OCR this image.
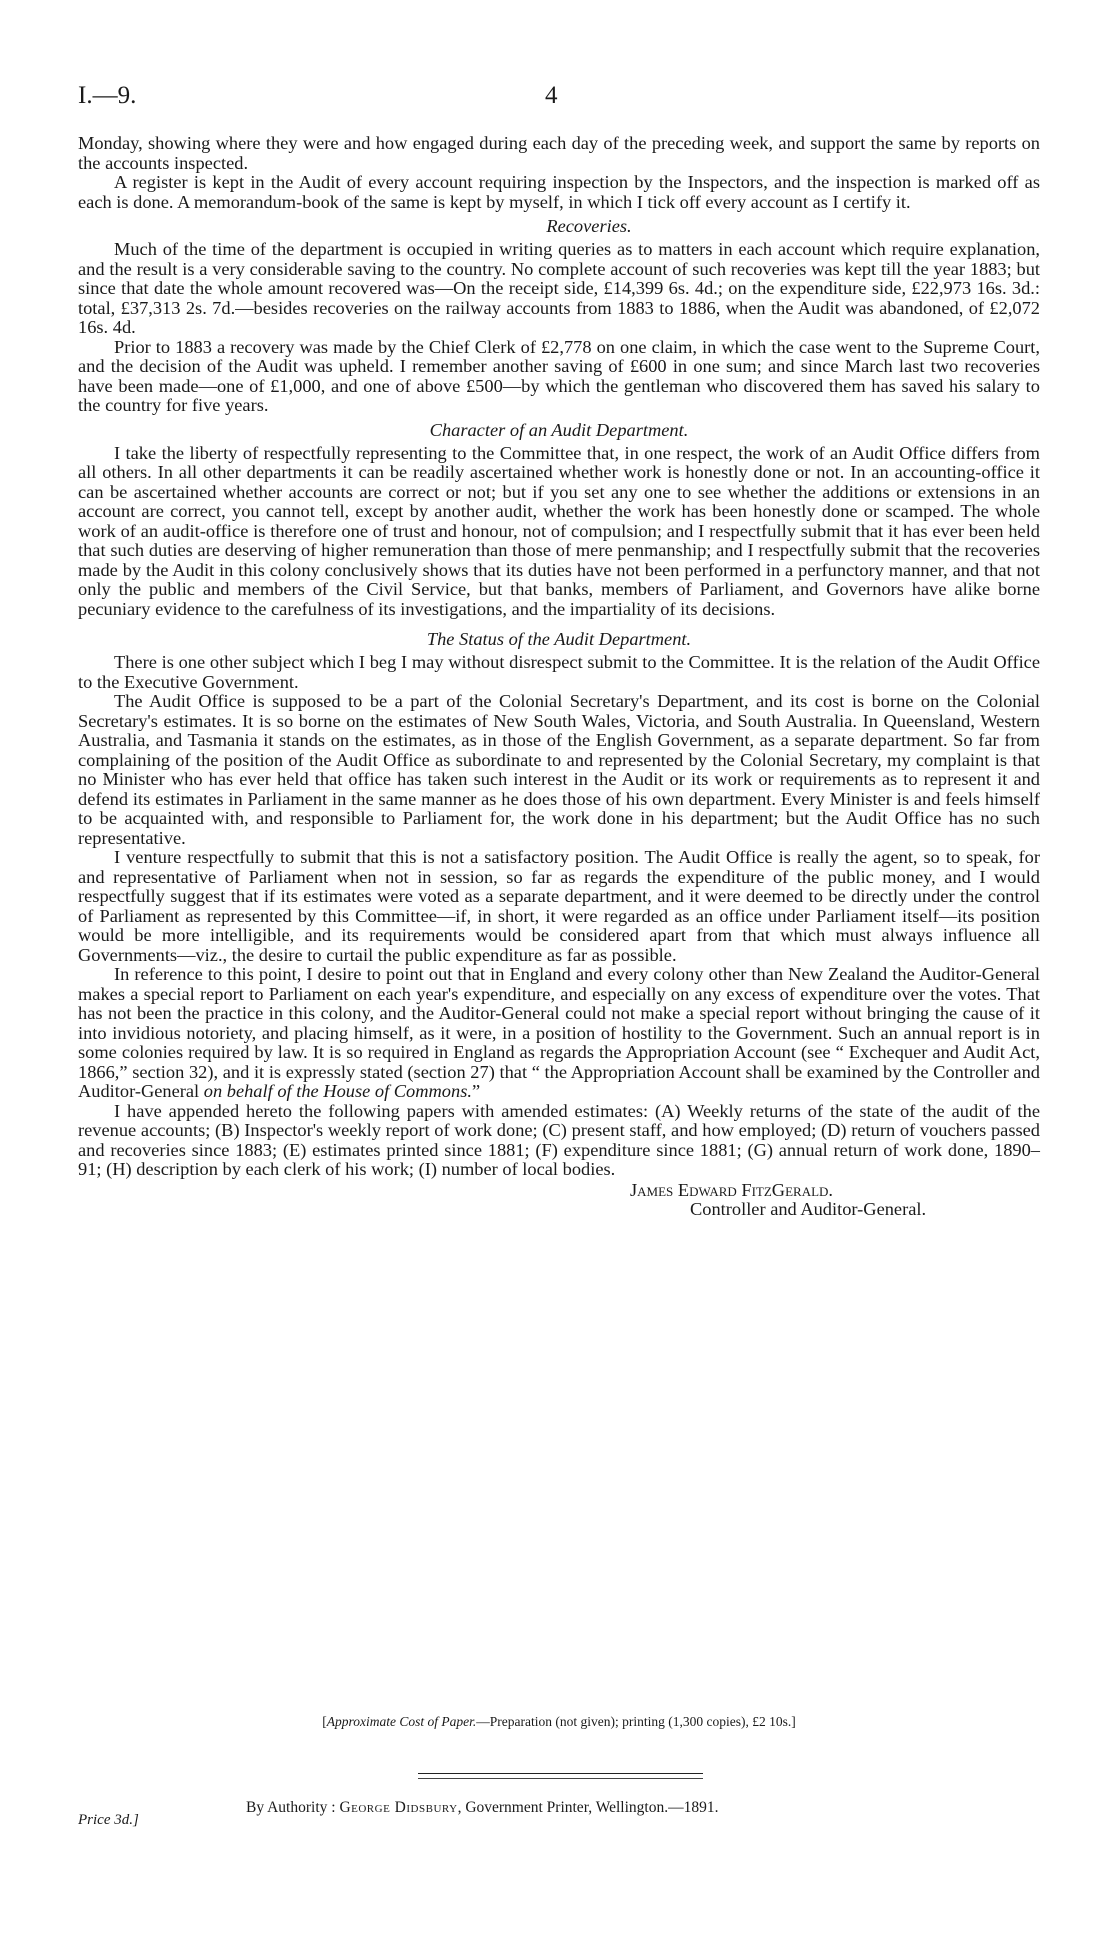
I.—9.	4

Monday, showing where they were and how engaged during each day of the preceding week, and support the same by reports on the accounts inspected.

A register is kept in the Audit of every account requiring inspection by the Inspectors, and the inspection is marked off as each is done. A memorandum-book of the same is kept by myself, in which I tick off every account as I certify it.

Recoveries.

Much of the time of the department is occupied in writing queries as to matters in each account which require explanation, and the result is a very considerable saving to the country. No complete account of such recoveries was kept till the year 1883; but since that date the whole amount recovered was—On the receipt side, £14,399 6s. 4d.; on the expenditure side, £22,973 16s. 3d.: total, £37,313 2s. 7d.—besides recoveries on the railway accounts from 1883 to 1886, when the Audit was abandoned, of £2,072 16s. 4d.

Prior to 1883 a recovery was made by the Chief Clerk of £2,778 on one claim, in which the case went to the Supreme Court, and the decision of the Audit was upheld. I remember another saving of £600 in one sum; and since March last two recoveries have been made—one of £1,000, and one of above £500—by which the gentleman who discovered them has saved his salary to the country for five years.

Character of an Audit Department.

I take the liberty of respectfully representing to the Committee that, in one respect, the work of an Audit Office differs from all others. In all other departments it can be readily ascertained whether work is honestly done or not. In an accounting-office it can be ascertained whether accounts are correct or not; but if you set any one to see whether the additions or extensions in an account are correct, you cannot tell, except by another audit, whether the work has been honestly done or scamped. The whole work of an audit-office is therefore one of trust and honour, not of compulsion; and I respectfully submit that it has ever been held that such duties are deserving of higher remuneration than those of mere penmanship; and I respectfully submit that the recoveries made by the Audit in this colony conclusively shows that its duties have not been performed in a perfunctory manner, and that not only the public and members of the Civil Service, but that banks, members of Parliament, and Governors have alike borne pecuniary evidence to the carefulness of its investigations, and the impartiality of its decisions.

The Status of the Audit Department.

There is one other subject which I beg I may without disrespect submit to the Committee. It is the relation of the Audit Office to the Executive Government.

The Audit Office is supposed to be a part of the Colonial Secretary's Department, and its cost is borne on the Colonial Secretary's estimates. It is so borne on the estimates of New South Wales, Victoria, and South Australia. In Queensland, Western Australia, and Tasmania it stands on the estimates, as in those of the English Government, as a separate department. So far from complaining of the position of the Audit Office as subordinate to and represented by the Colonial Secretary, my complaint is that no Minister who has ever held that office has taken such interest in the Audit or its work or requirements as to represent it and defend its estimates in Parliament in the same manner as he does those of his own department. Every Minister is and feels himself to be acquainted with, and responsible to Parliament for, the work done in his department; but the Audit Office has no such representative.

I venture respectfully to submit that this is not a satisfactory position. The Audit Office is really the agent, so to speak, for and representative of Parliament when not in session, so far as regards the expenditure of the public money, and I would respectfully suggest that if its estimates were voted as a separate department, and it were deemed to be directly under the control of Parliament as represented by this Committee—if, in short, it were regarded as an office under Parliament itself—its position would be more intelligible, and its requirements would be considered apart from that which must always influence all Governments—viz., the desire to curtail the public expenditure as far as possible.

In reference to this point, I desire to point out that in England and every colony other than New Zealand the Auditor-General makes a special report to Parliament on each year's expenditure, and especially on any excess of expenditure over the votes. That has not been the practice in this colony, and the Auditor-General could not make a special report without bringing the cause of it into invidious notoriety, and placing himself, as it were, in a position of hostility to the Government. Such an annual report is in some colonies required by law. It is so required in England as regards the Appropriation Account (see “ Exchequer and Audit Act, 1866,” section 32), and it is expressly stated (section 27) that “ the Appropriation Account shall be examined by the Controller and Auditor-General on behalf of the House of Commons.”

I have appended hereto the following papers with amended estimates: (A) Weekly returns of the state of the audit of the revenue accounts; (B) Inspector's weekly report of work done; (C) present staff, and how employed; (D) return of vouchers passed and recoveries since 1883; (E) estimates printed since 1881; (F) expenditure since 1881; (G) annual return of work done, 1890–91; (H) description by each clerk of his work; (I) number of local bodies.

James Edward FitzGerald.
Controller and Auditor-General.
[Approximate Cost of Paper.—Preparation (not given); printing (1,300 copies), £2 10s.]
Price 3d.]
By Authority : George Didsbury, Government Printer, Wellington.—1891.
